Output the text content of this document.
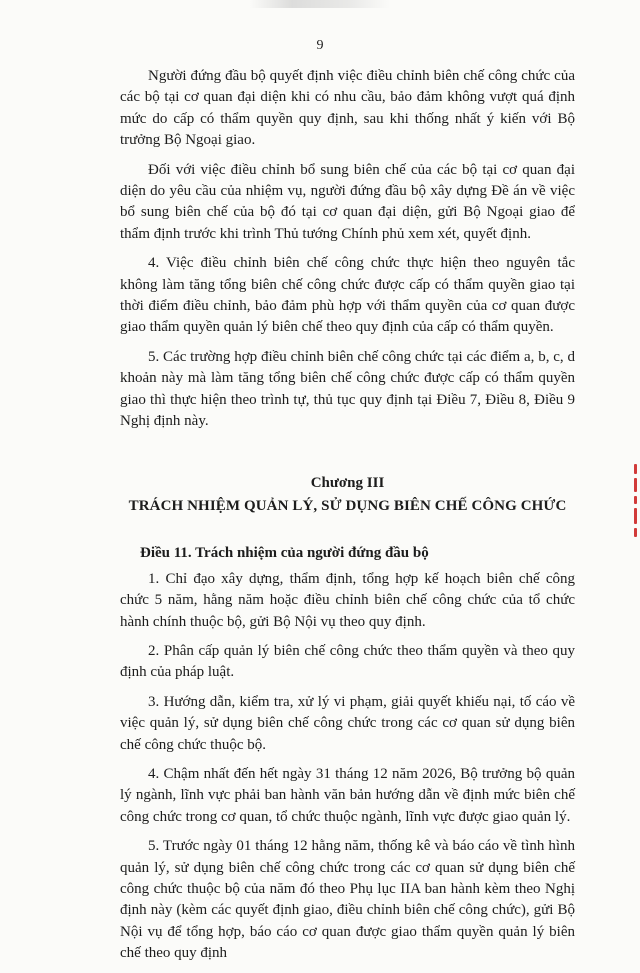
9

Người đứng đầu bộ quyết định việc điều chỉnh biên chế công chức của các bộ tại cơ quan đại diện khi có nhu cầu, bảo đảm không vượt quá định mức do cấp có thẩm quyền quy định, sau khi thống nhất ý kiến với Bộ trưởng Bộ Ngoại giao.

Đối với việc điều chỉnh bổ sung biên chế của các bộ tại cơ quan đại diện do yêu cầu của nhiệm vụ, người đứng đầu bộ xây dựng Đề án về việc bổ sung biên chế của bộ đó tại cơ quan đại diện, gửi Bộ Ngoại giao để thẩm định trước khi trình Thủ tướng Chính phủ xem xét, quyết định.

4. Việc điều chỉnh biên chế công chức thực hiện theo nguyên tắc không làm tăng tổng biên chế công chức được cấp có thẩm quyền giao tại thời điểm điều chỉnh, bảo đảm phù hợp với thẩm quyền của cơ quan được giao thẩm quyền quản lý biên chế theo quy định của cấp có thẩm quyền.

5. Các trường hợp điều chỉnh biên chế công chức tại các điểm a, b, c, d khoản này mà làm tăng tổng biên chế công chức được cấp có thẩm quyền giao thì thực hiện theo trình tự, thủ tục quy định tại Điều 7, Điều 8, Điều 9 Nghị định này.

Chương III
TRÁCH NHIỆM QUẢN LÝ, SỬ DỤNG BIÊN CHẾ CÔNG CHỨC
Điều 11. Trách nhiệm của người đứng đầu bộ

1. Chỉ đạo xây dựng, thẩm định, tổng hợp kế hoạch biên chế công chức 5 năm, hằng năm hoặc điều chỉnh biên chế công chức của tổ chức hành chính thuộc bộ, gửi Bộ Nội vụ theo quy định.

2. Phân cấp quản lý biên chế công chức theo thẩm quyền và theo quy định của pháp luật.

3. Hướng dẫn, kiểm tra, xử lý vi phạm, giải quyết khiếu nại, tố cáo về việc quản lý, sử dụng biên chế công chức trong các cơ quan sử dụng biên chế công chức thuộc bộ.

4. Chậm nhất đến hết ngày 31 tháng 12 năm 2026, Bộ trưởng bộ quản lý ngành, lĩnh vực phải ban hành văn bản hướng dẫn về định mức biên chế công chức trong cơ quan, tổ chức thuộc ngành, lĩnh vực được giao quản lý.

5. Trước ngày 01 tháng 12 hằng năm, thống kê và báo cáo về tình hình quản lý, sử dụng biên chế công chức trong các cơ quan sử dụng biên chế công chức thuộc bộ của năm đó theo Phụ lục IIA ban hành kèm theo Nghị định này (kèm các quyết định giao, điều chỉnh biên chế công chức), gửi Bộ Nội vụ để tổng hợp, báo cáo cơ quan được giao thẩm quyền quản lý biên chế theo quy định
